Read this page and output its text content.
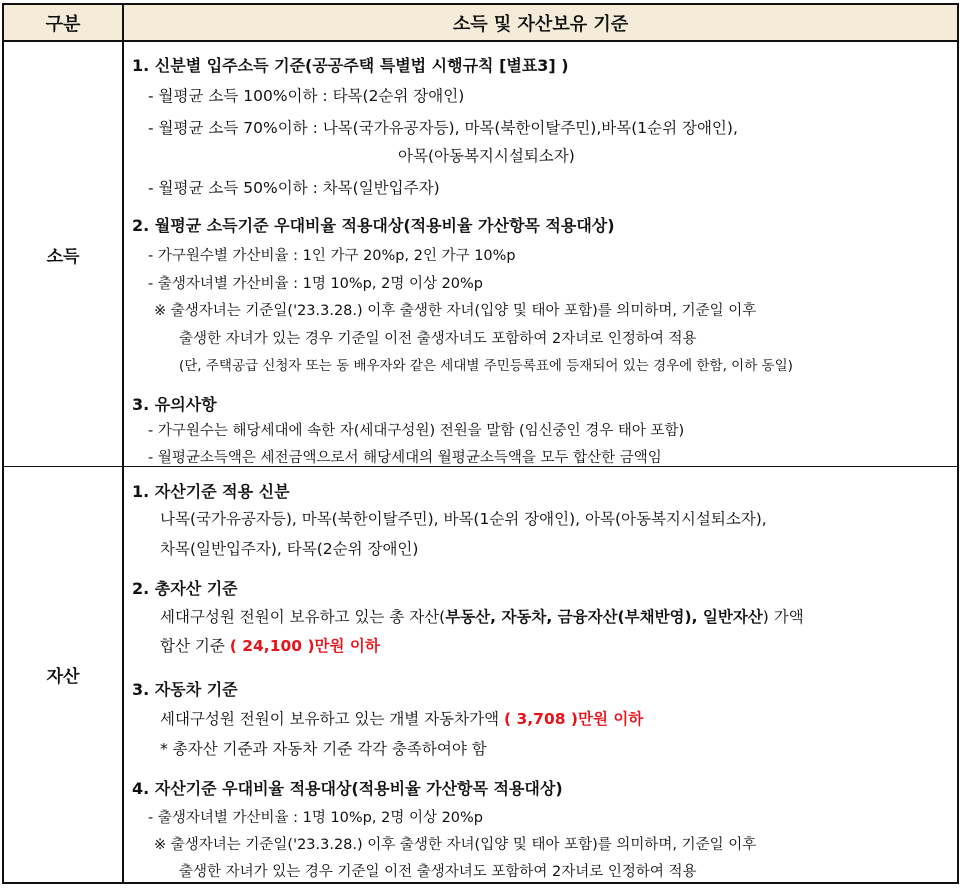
구분	소득 및 자산보유 기준
소득
1. 신분별 입주소득 기준(공공주택 특별법 시행규칙 [별표3] )
- 월평균 소득 100%이하 : 타목(2순위 장애인)
- 월평균 소득 70%이하 : 나목(국가유공자등), 마목(북한이탈주민),바목(1순위 장애인),
아목(아동복지시설퇴소자)
- 월평균 소득 50%이하 : 차목(일반입주자)
2. 월평균 소득기준 우대비율 적용대상(적용비율 가산항목 적용대상)
- 가구원수별 가산비율 : 1인 가구 20%p, 2인 가구 10%p
- 출생자녀별 가산비율 : 1명 10%p, 2명 이상 20%p
※ 출생자녀는 기준일('23.3.28.) 이후 출생한 자녀(입양 및 태아 포함)를 의미하며, 기준일 이후
출생한 자녀가 있는 경우 기준일 이전 출생자녀도 포함하여 2자녀로 인정하여 적용
(단, 주택공급 신청자 또는 동 배우자와 같은 세대별 주민등록표에 등재되어 있는 경우에 한함, 이하 동일)
3. 유의사항
- 가구원수는 해당세대에 속한 자(세대구성원) 전원을 말함 (임신중인 경우 태아 포함)
- 월평균소득액은 세전금액으로서 해당세대의 월평균소득액을 모두 합산한 금액임
자산
1. 자산기준 적용 신분
나목(국가유공자등), 마목(북한이탈주민), 바목(1순위 장애인), 아목(아동복지시설퇴소자),
차목(일반입주자), 타목(2순위 장애인)
2. 총자산 기준
세대구성원 전원이 보유하고 있는 총 자산(부동산, 자동차, 금융자산(부채반영), 일반자산) 가액
합산 기준 ( 24,100 )만원 이하
3. 자동차 기준
세대구성원 전원이 보유하고 있는 개별 자동차가액 ( 3,708 )만원 이하
* 총자산 기준과 자동차 기준 각각 충족하여야 함
4. 자산기준 우대비율 적용대상(적용비율 가산항목 적용대상)
- 출생자녀별 가산비율 : 1명 10%p, 2명 이상 20%p
※ 출생자녀는 기준일('23.3.28.) 이후 출생한 자녀(입양 및 태아 포함)를 의미하며, 기준일 이후
출생한 자녀가 있는 경우 기준일 이전 출생자녀도 포함하여 2자녀로 인정하여 적용
